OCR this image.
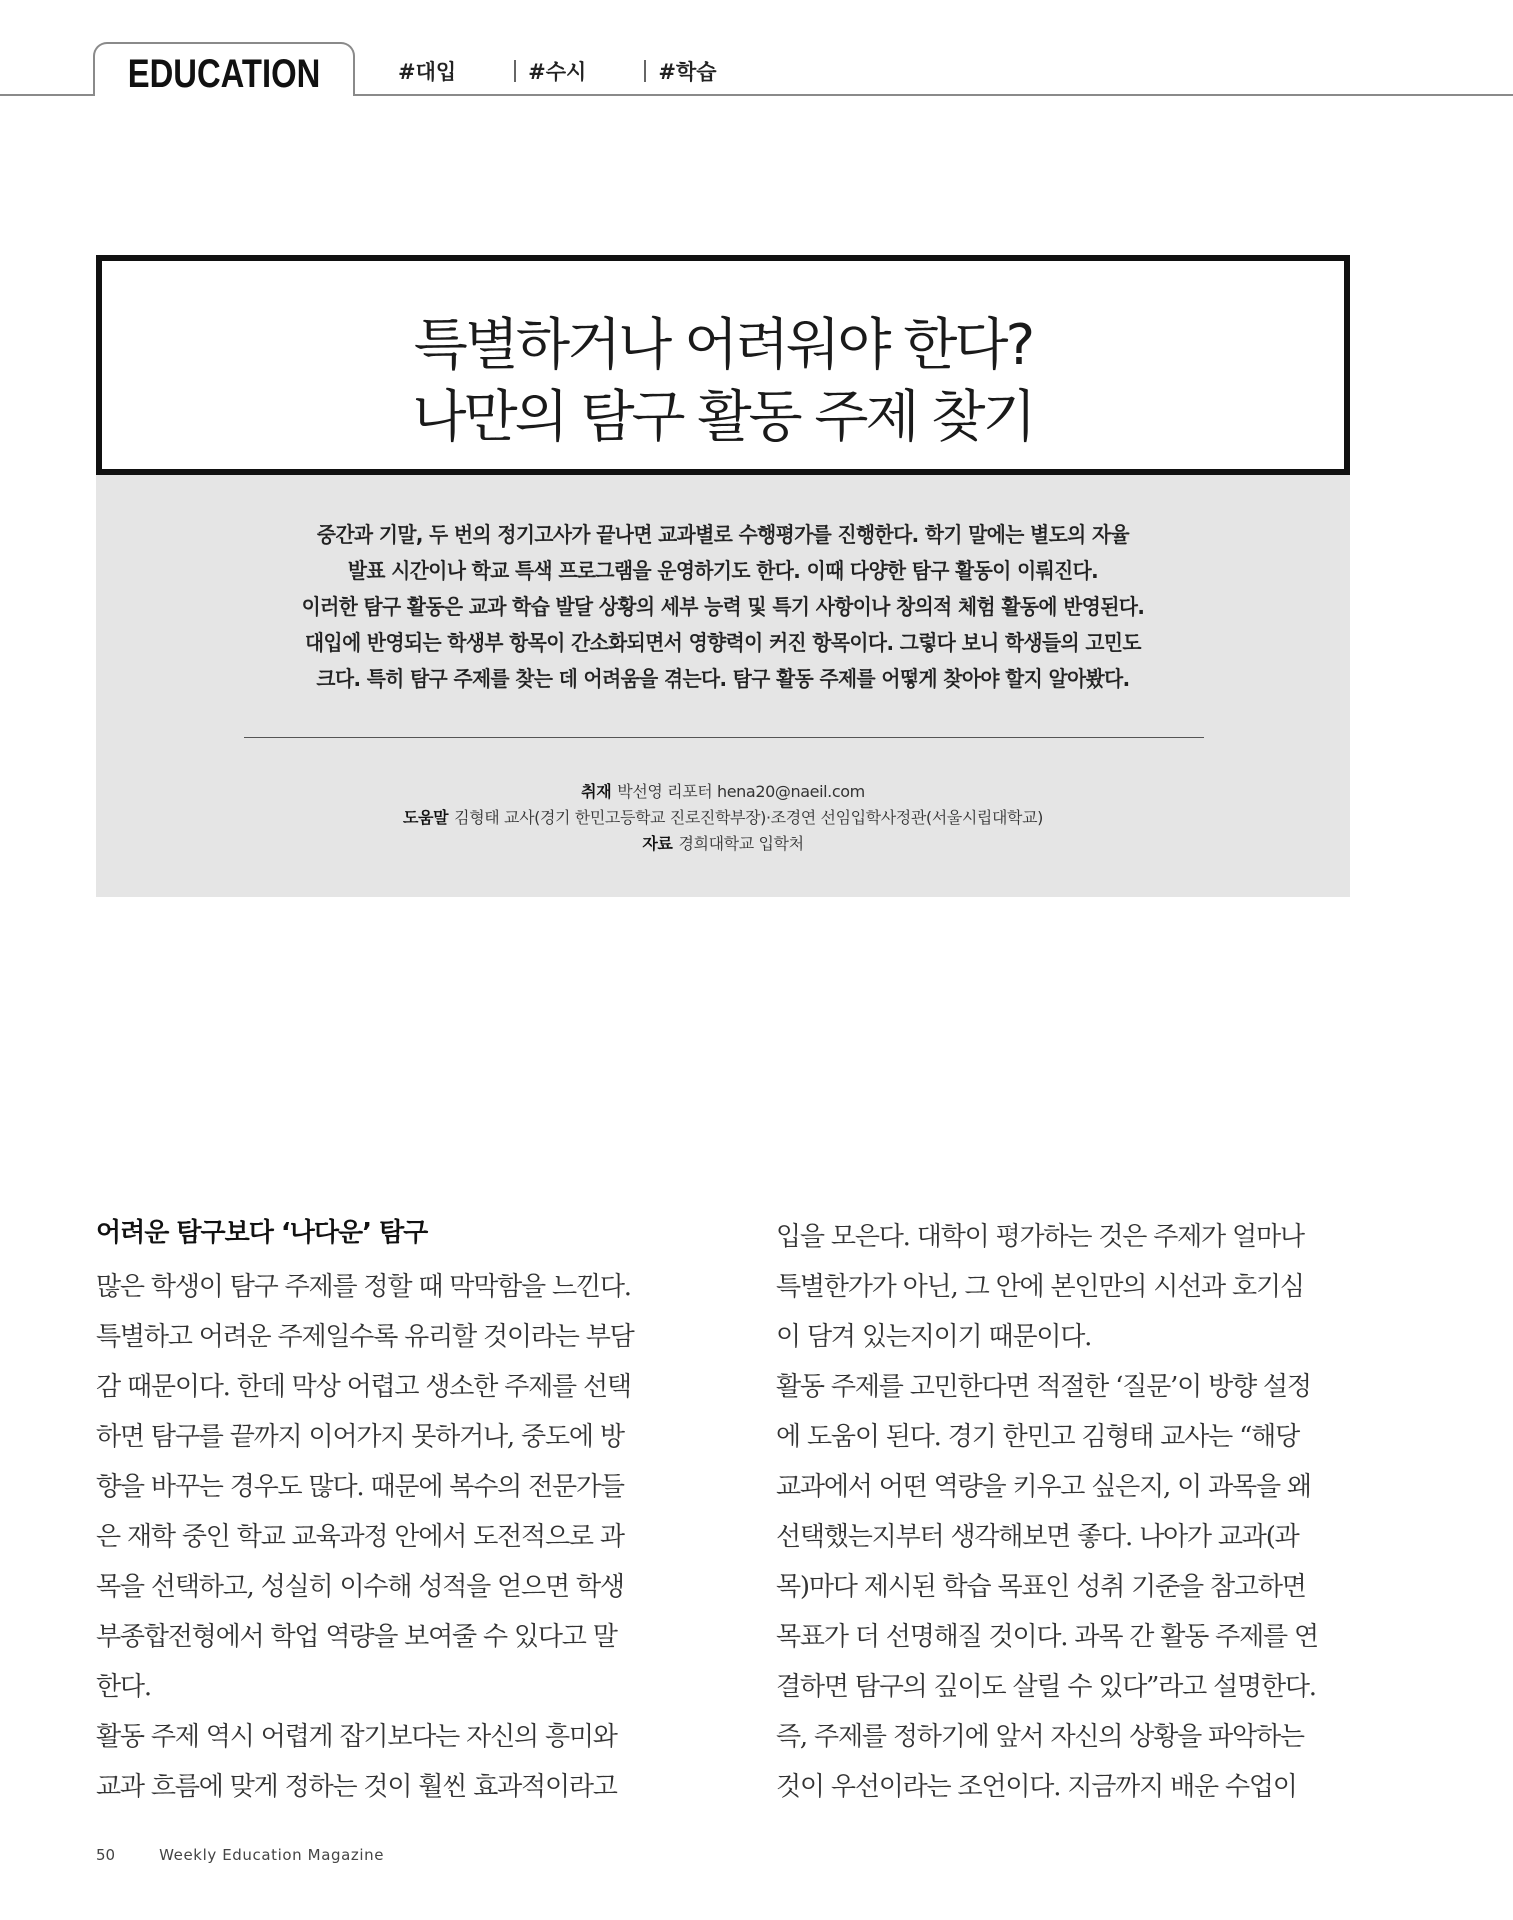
EDUCATION	#대입	#수시	#학습
특별하거나 어려워야 한다?
나만의 탐구 활동 주제 찾기
중간과 기말, 두 번의 정기고사가 끝나면 교과별로 수행평가를 진행한다. 학기 말에는 별도의 자율
발표 시간이나 학교 특색 프로그램을 운영하기도 한다. 이때 다양한 탐구 활동이 이뤄진다.
이러한 탐구 활동은 교과 학습 발달 상황의 세부 능력 및 특기 사항이나 창의적 체험 활동에 반영된다.
대입에 반영되는 학생부 항목이 간소화되면서 영향력이 커진 항목이다. 그렇다 보니 학생들의 고민도
크다. 특히 탐구 주제를 찾는 데 어려움을 겪는다. 탐구 활동 주제를 어떻게 찾아야 할지 알아봤다.
취재 박선영 리포터 hena20@naeil.com
도움말 김형태 교사(경기 한민고등학교 진로진학부장)·조경연 선임입학사정관(서울시립대학교)
자료 경희대학교 입학처
어려운 탐구보다 ‘나다운’ 탐구
많은 학생이 탐구 주제를 정할 때 막막함을 느낀다.
특별하고 어려운 주제일수록 유리할 것이라는 부담
감 때문이다. 한데 막상 어렵고 생소한 주제를 선택
하면 탐구를 끝까지 이어가지 못하거나, 중도에 방
향을 바꾸는 경우도 많다. 때문에 복수의 전문가들
은 재학 중인 학교 교육과정 안에서 도전적으로 과
목을 선택하고, 성실히 이수해 성적을 얻으면 학생
부종합전형에서 학업 역량을 보여줄 수 있다고 말
한다.
활동 주제 역시 어렵게 잡기보다는 자신의 흥미와
교과 흐름에 맞게 정하는 것이 훨씬 효과적이라고
입을 모은다. 대학이 평가하는 것은 주제가 얼마나
특별한가가 아닌, 그 안에 본인만의 시선과 호기심
이 담겨 있는지이기 때문이다.
활동 주제를 고민한다면 적절한 ‘질문’이 방향 설정
에 도움이 된다. 경기 한민고 김형태 교사는 “해당
교과에서 어떤 역량을 키우고 싶은지, 이 과목을 왜
선택했는지부터 생각해보면 좋다. 나아가 교과(과
목)마다 제시된 학습 목표인 성취 기준을 참고하면
목표가 더 선명해질 것이다. 과목 간 활동 주제를 연
결하면 탐구의 깊이도 살릴 수 있다”라고 설명한다.
즉, 주제를 정하기에 앞서 자신의 상황을 파악하는
것이 우선이라는 조언이다. 지금까지 배운 수업이
50	Weekly Education Magazine
